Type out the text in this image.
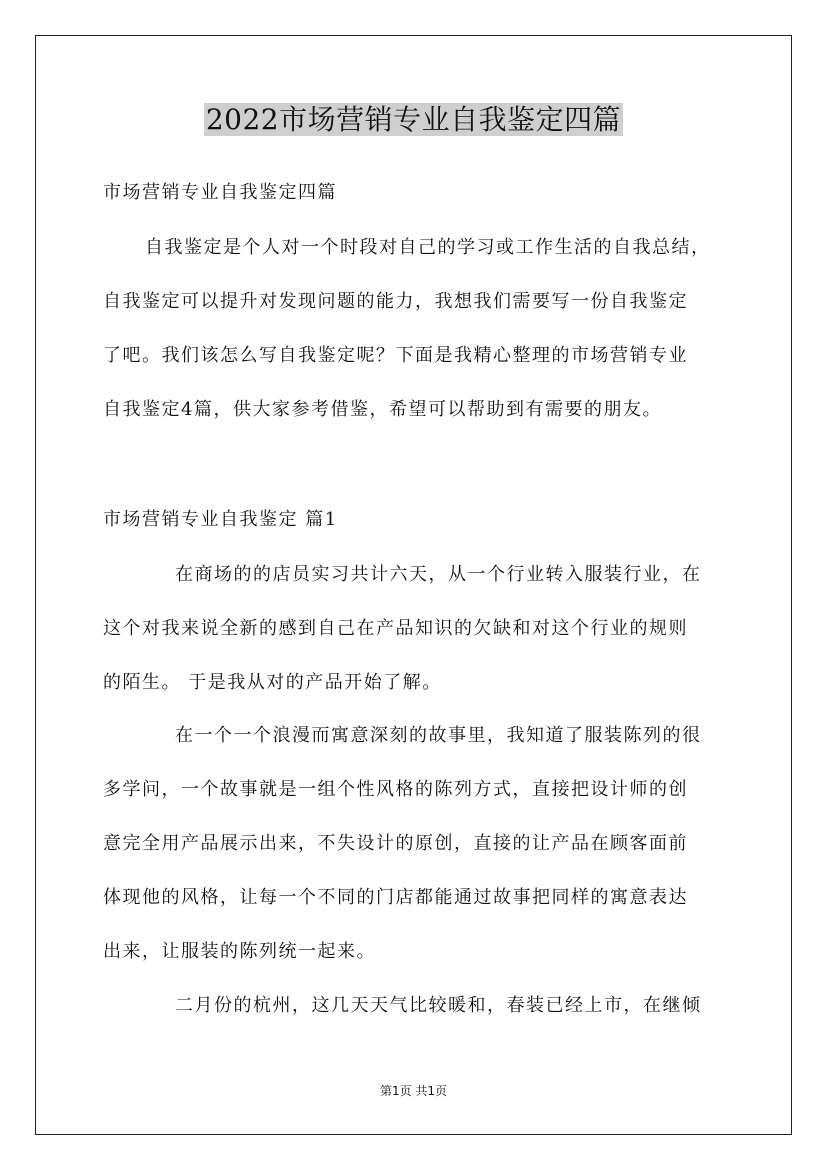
2022市场营销专业自我鉴定四篇
市场营销专业自我鉴定四篇
自我鉴定是个人对一个时段对自己的学习或工作生活的自我总结，
自我鉴定可以提升对发现问题的能力，我想我们需要写一份自我鉴定
了吧。我们该怎么写自我鉴定呢？下面是我精心整理的市场营销专业
自我鉴定4篇，供大家参考借鉴，希望可以帮助到有需要的朋友。
市场营销专业自我鉴定 篇1
在商场的的店员实习共计六天，从一个行业转入服装行业，在
这个对我来说全新的感到自己在产品知识的欠缺和对这个行业的规则
的陌生。 于是我从对的产品开始了解。
在一个一个浪漫而寓意深刻的故事里，我知道了服装陈列的很
多学问，一个故事就是一组个性风格的陈列方式，直接把设计师的创
意完全用产品展示出来，不失设计的原创，直接的让产品在顾客面前
体现他的风格，让每一个不同的门店都能通过故事把同样的寓意表达
出来，让服装的陈列统一起来。
二月份的杭州，这几天天气比较暖和，春装已经上市，在继倾
第1页 共1页
